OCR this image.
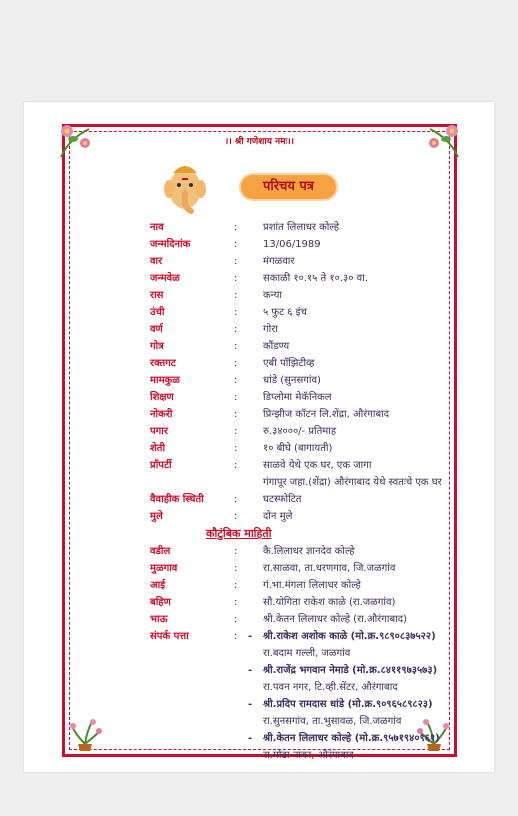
।। श्री गणेशाय नमः।।
परिचय पत्र
नाव	:	प्रशांत लिलाधर कोल्हे
जन्मदिनांक	:	13/06/1989
वार	:	मंगळवार
जन्मवेळ	:	सकाळी १०.१५ ते १०.३० वा.
रास	:	कन्या
उंची	:	५ फुट ६ इंच
वर्ण	:	गोरा
गोत्र	:	कौंडण्य
रक्तगट	:	एबी पॉझिटीव्ह
मामकुळ	:	धांडे (सुनसगांव)
शिक्षण	:	डिप्लोमा मेकॅनिकल
नोकरी	:	प्रिन्झीज कॉटन लि.शेंद्रा, औरंगाबाद
पगार	:	रु.३४०००/- प्रतिमाह
शेती	:	१० बीघे (बागायती)
प्रॉपर्टी	:	साळवे येथे एक घर, एक जागा
गंगापूर जहा.(शेंद्रा) औरंगाबाद येथे स्वतःचे एक घर
वैवाहीक स्थिती	:	घटस्फोटित
मुले	:	दोन मुले
कौटुंबिक माहिती
वडील	:	कै.लिलाधर ज्ञानदेव कोल्हे
मुळगाव	:	रा.साळवा, ता.धरणगाव, जि.जळगांव
आई	:	गं.भा.मंगला लिलाधर कोल्हे
बहिण	:	सौ.योगिता राकेश काळे (रा.जळगांव)
भाऊ	:	श्री.केतन लिलाधर कोल्हे (रा.औरंगाबाद)
संपर्क पत्ता	: - श्री.राकेश अशोक काळे (मो.क्र.९८९०८३७५२२)
रा.बदाम गल्ली, जळगांव
- श्री.राजेंद्र भगवान नेमाडे (मो.क्र.८४११९७३५७३)
रा.पवन नगर, टि.व्ही.सेंटर, औरंगाबाद
- श्री.प्रदिप रामदास धांडे (मो.क्र.९०९६५८९८२३)
रा.सुनसगांव, ता.भुसावळ, जि.जळगांव
- श्री.केतन लिलाधर कोल्हे (मो.क्र.९५७१९४०९६१)
रा.मोंढा नाका, औरंगाबाद
